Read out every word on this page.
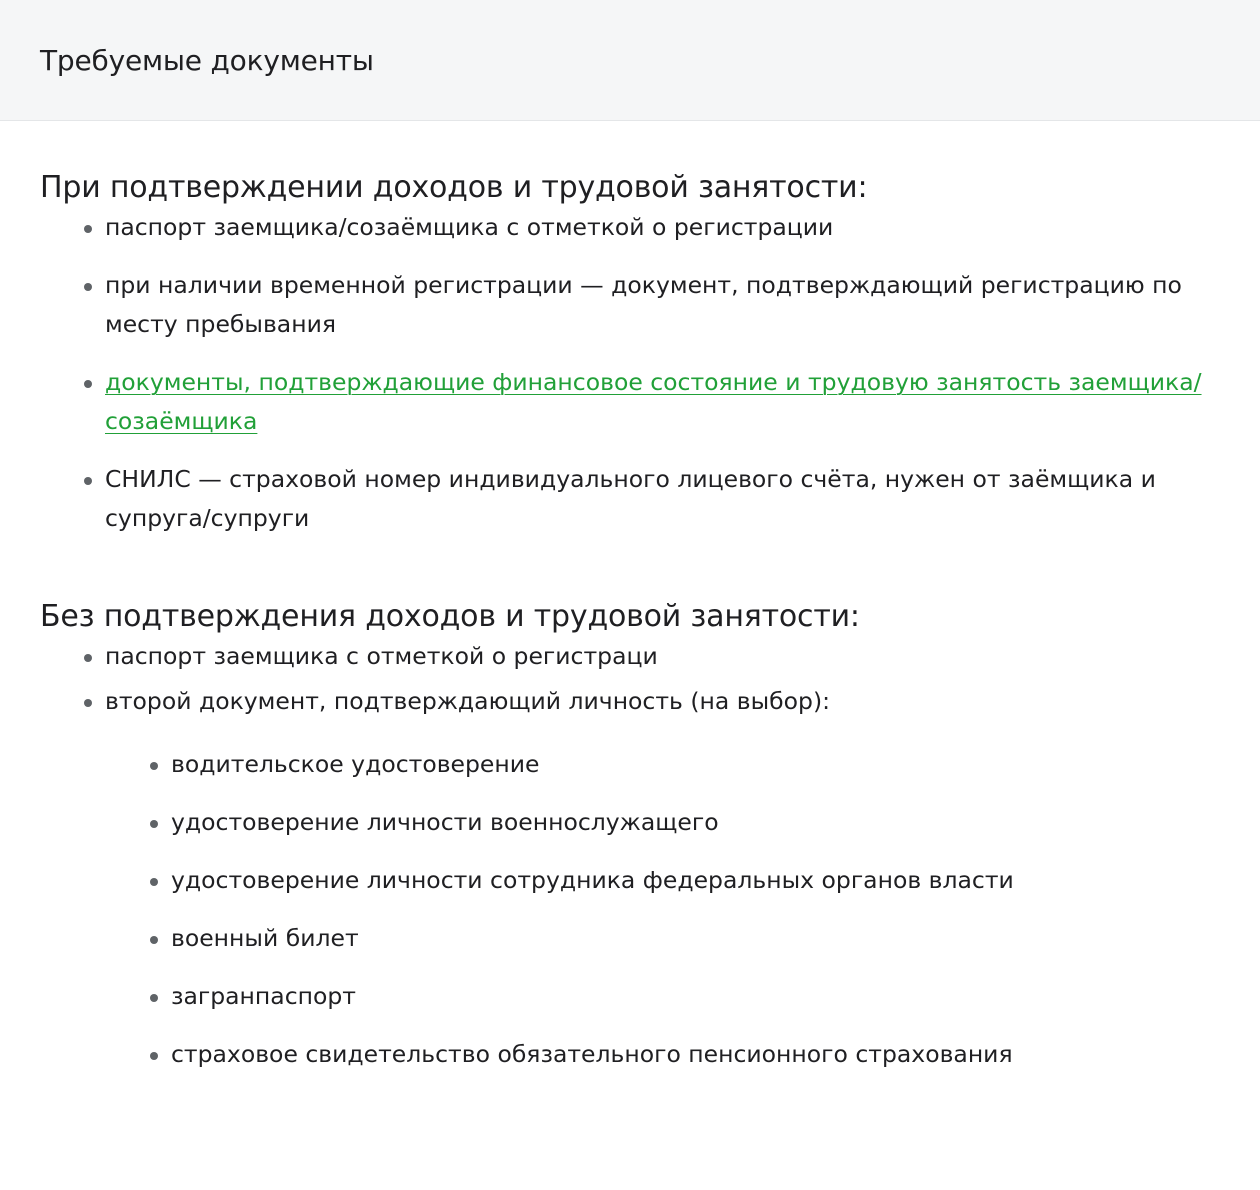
Требуемые документы
При подтверждении доходов и трудовой занятости:
паспорт заемщика/созаёмщика с отметкой о регистрации
при наличии временной регистрации — документ, подтверждающий регистрацию по месту пребывания
документы, подтверждающие финансовое состояние и трудовую занятость заемщика/созаёмщика
СНИЛС — страховой номер индивидуального лицевого счёта, нужен от заёмщика и супруга/супруги
Без подтверждения доходов и трудовой занятости:
паспорт заемщика с отметкой о регистраци
второй документ, подтверждающий личность (на выбор):
водительское удостоверение
удостоверение личности военнослужащего
удостоверение личности сотрудника федеральных органов власти
военный билет
загранпаспорт
страховое свидетельство обязательного пенсионного страхования
